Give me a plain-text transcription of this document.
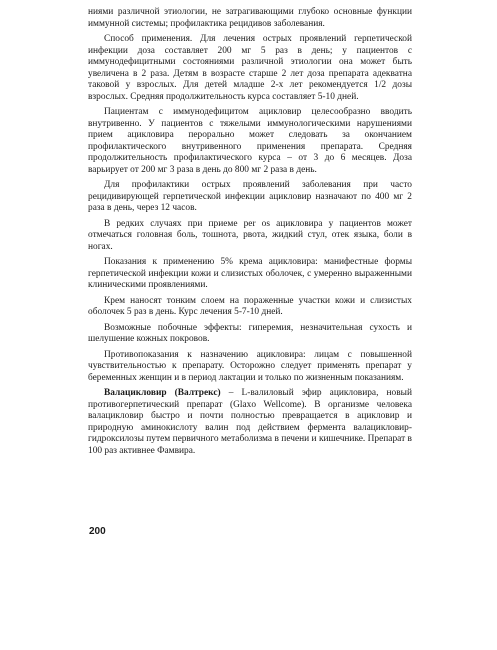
ниями различной этиологии, не затрагивающими глубоко основные функции иммунной системы; профилактика рецидивов заболевания.

Способ применения. Для лечения острых проявлений герпетической инфекции доза составляет 200 мг 5 раз в день; у пациентов с иммунодефицитными состояниями различной этиологии она может быть увеличена в 2 раза. Детям в возрасте старше 2 лет доза препарата адекватна таковой у взрослых. Для детей младше 2-х лет рекомендуется 1/2 дозы взрослых. Средняя продолжительность курса составляет 5-10 дней.

Пациентам с иммунодефицитом ацикловир целесообразно вводить внутривенно. У пациентов с тяжелыми иммунологическими нарушениями прием ацикловира перорально может следовать за окончанием профилактического внутривенного применения препарата. Средняя продолжительность профилактического курса – от 3 до 6 месяцев. Доза варьирует от 200 мг 3 раза в день до 800 мг 2 раза в день.

Для профилактики острых проявлений заболевания при часто рецидивирующей герпетической инфекции ацикловир назначают по 400 мг 2 раза в день, через 12 часов.

В редких случаях при приеме per os ацикловира у пациентов может отмечаться головная боль, тошнота, рвота, жидкий стул, отек языка, боли в ногах.

Показания к применению 5% крема ацикловира: манифестные формы герпетической инфекции кожи и слизистых оболочек, с умеренно выраженными клиническими проявлениями.

Крем наносят тонким слоем на пораженные участки кожи и слизистых оболочек 5 раз в день. Курс лечения 5-7-10 дней.

Возможные побочные эффекты: гиперемия, незначительная сухость и шелушение кожных покровов.

Противопоказания к назначению ацикловира: лицам с повышенной чувствительностью к препарату. Осторожно следует применять препарат у беременных женщин и в период лактации и только по жизненным показаниям.

Валацикловир (Валтрекс) – L-валиловый эфир ацикловира, новый противогерпетический препарат (Glaxo Wellcome). В организме человека валацикловир быстро и почти полностью превращается в ацикловир и природную аминокислоту валин под действием фермента валацикловир-гидроксилозы путем первичного метаболизма в печени и кишечнике. Препарат в 100 раз активнее Фамвира.

200
